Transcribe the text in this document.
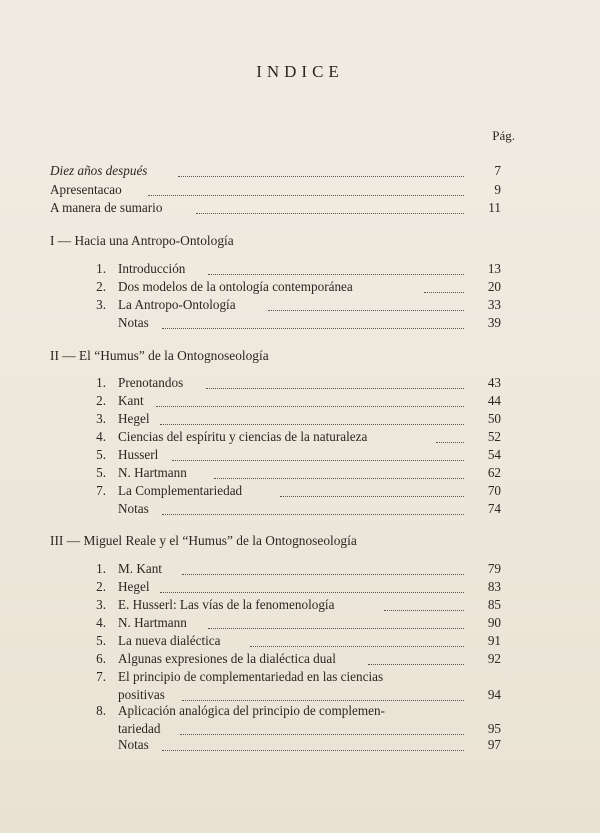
INDICE
Pág.
Diez años después	7
Apresentacao	9
A manera de sumario	11
I — Hacia una Antropo-Ontología
1. Introducción	13
2. Dos modelos de la ontología contemporánea	20
3. La Antropo-Ontología	33
Notas	39
II — El “Humus” de la Ontognoseología
1. Prenotandos	43
2. Kant	44
3. Hegel	50
4. Ciencias del espíritu y ciencias de la naturaleza	52
5. Husserl	54
5. N. Hartmann	62
7. La Complementariedad	70
Notas	74
III — Miguel Reale y el “Humus” de la Ontognoseología
1. M. Kant	79
2. Hegel	83
3. E. Husserl: Las vías de la fenomenología	85
4. N. Hartmann	90
5. La nueva dialéctica	91
6. Algunas expresiones de la dialéctica dual	92
7. El principio de complementariedad en las ciencias
positivas	94
8. Aplicación analógica del principio de complemen-
tariedad	95
Notas	97
